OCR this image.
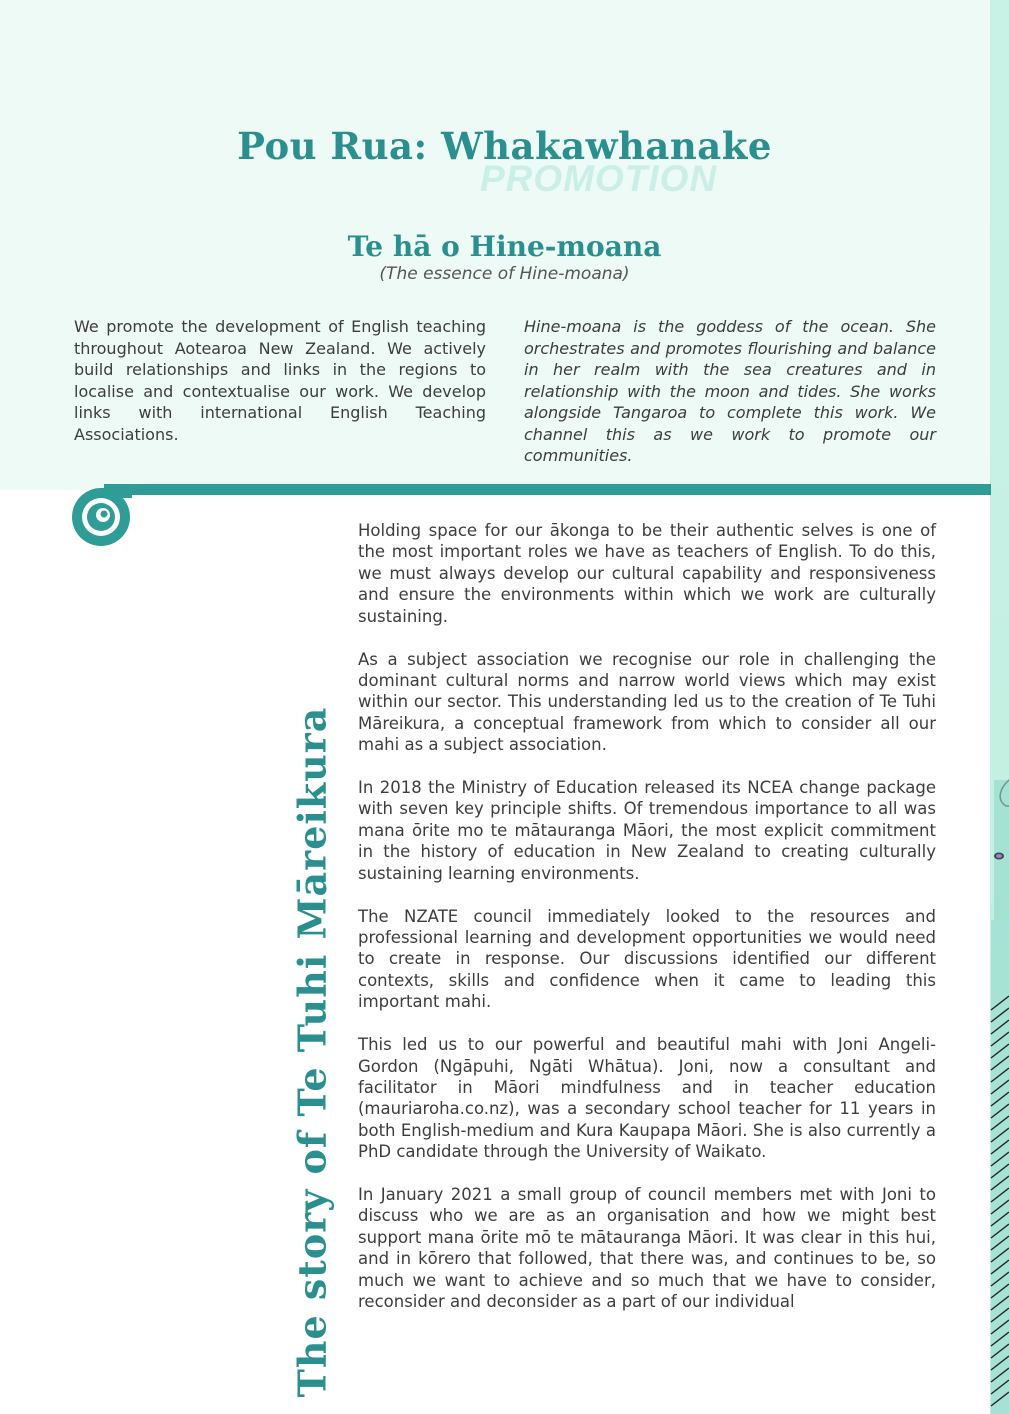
Pou Rua: Whakawhanake
PROMOTION
Te hā o Hine-moana
(The essence of Hine-moana)
We promote the development of English teaching throughout Aotearoa New Zealand. We actively build relationships and links in the regions to localise and contextualise our work. We develop links with international English Teaching Associations.
Hine-moana is the goddess of the ocean. She orchestrates and promotes flourishing and balance in her realm with the sea creatures and in relationship with the moon and tides. She works alongside Tangaroa to complete this work. We channel this as we work to promote our communities.
The story of Te Tuhi Māreikura

Holding space for our ākonga to be their authentic selves is one of the most important roles we have as teachers of English. To do this, we must always develop our cultural capability and responsiveness and ensure the environments within which we work are culturally sustaining.

As a subject association we recognise our role in challenging the dominant cultural norms and narrow world views which may exist within our sector. This understanding led us to the creation of Te Tuhi Māreikura, a conceptual framework from which to consider all our mahi as a subject association.

In 2018 the Ministry of Education released its NCEA change package with seven key principle shifts. Of tremendous importance to all was mana ōrite mo te mātauranga Māori, the most explicit commitment in the history of education in New Zealand to creating culturally sustaining learning environments.

The NZATE council immediately looked to the resources and professional learning and development opportunities we would need to create in response. Our discussions identified our different contexts, skills and confidence when it came to leading this important mahi.

This led us to our powerful and beautiful mahi with Joni Angeli-Gordon (Ngāpuhi, Ngāti Whātua). Joni, now a consultant and facilitator in Māori mindfulness and in teacher education (mauriaroha.co.nz), was a secondary school teacher for 11 years in both English-medium and Kura Kaupapa Māori. She is also currently a PhD candidate through the University of Waikato.

In January 2021 a small group of council members met with Joni to discuss who we are as an organisation and how we might best support mana ōrite mō te mātauranga Māori. It was clear in this hui, and in kōrero that followed, that there was, and continues to be, so much we want to achieve and so much that we have to consider, reconsider and deconsider as a part of our individual
